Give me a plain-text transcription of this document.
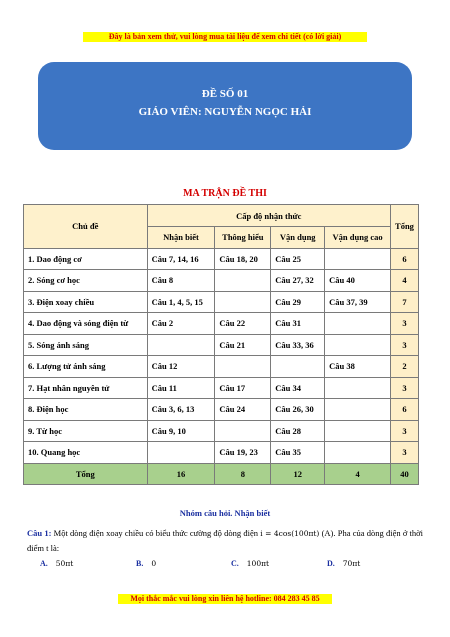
Đây là bản xem thử, vui lòng mua tài liệu để xem chi tiết (có lời giải)
ĐỀ SỐ 01
GIÁO VIÊN: NGUYỄN NGỌC HẢI
MA TRẬN ĐỀ THI
Chủ đề	Cấp độ nhận thức				Tổng
	Nhận biết	Thông hiểu	Vận dụng	Vận dụng cao	
1. Dao động cơ	Câu 7, 14, 16	Câu 18, 20	Câu 25		6
2. Sóng cơ học	Câu 8		Câu 27, 32	Câu 40	4
3. Điện xoay chiều	Câu 1, 4, 5, 15		Câu 29	Câu 37, 39	7
4. Dao động và sóng điện từ	Câu 2	Câu 22	Câu 31		3
5. Sóng ánh sáng		Câu 21	Câu 33, 36		3
6. Lượng tử ánh sáng	Câu 12			Câu 38	2
7. Hạt nhân nguyên tử	Câu 11	Câu 17	Câu 34		3
8. Điện học	Câu 3, 6, 13	Câu 24	Câu 26, 30		6
9. Từ học	Câu 9, 10		Câu 28		3
10. Quang học		Câu 19, 23	Câu 35		3
Tổng	16	8	12	4	40
Nhóm câu hỏi. Nhận biết
Câu 1: Một dòng điện xoay chiều có biểu thức cường độ dòng điện i = 4cos(100πt) (A). Pha của dòng điện ở thời điểm t là:
A. 50πt	B. 0	C. 100πt	D. 70πt
Mọi thắc mắc vui lòng xin liên hệ hotline: 084 283 45 85
